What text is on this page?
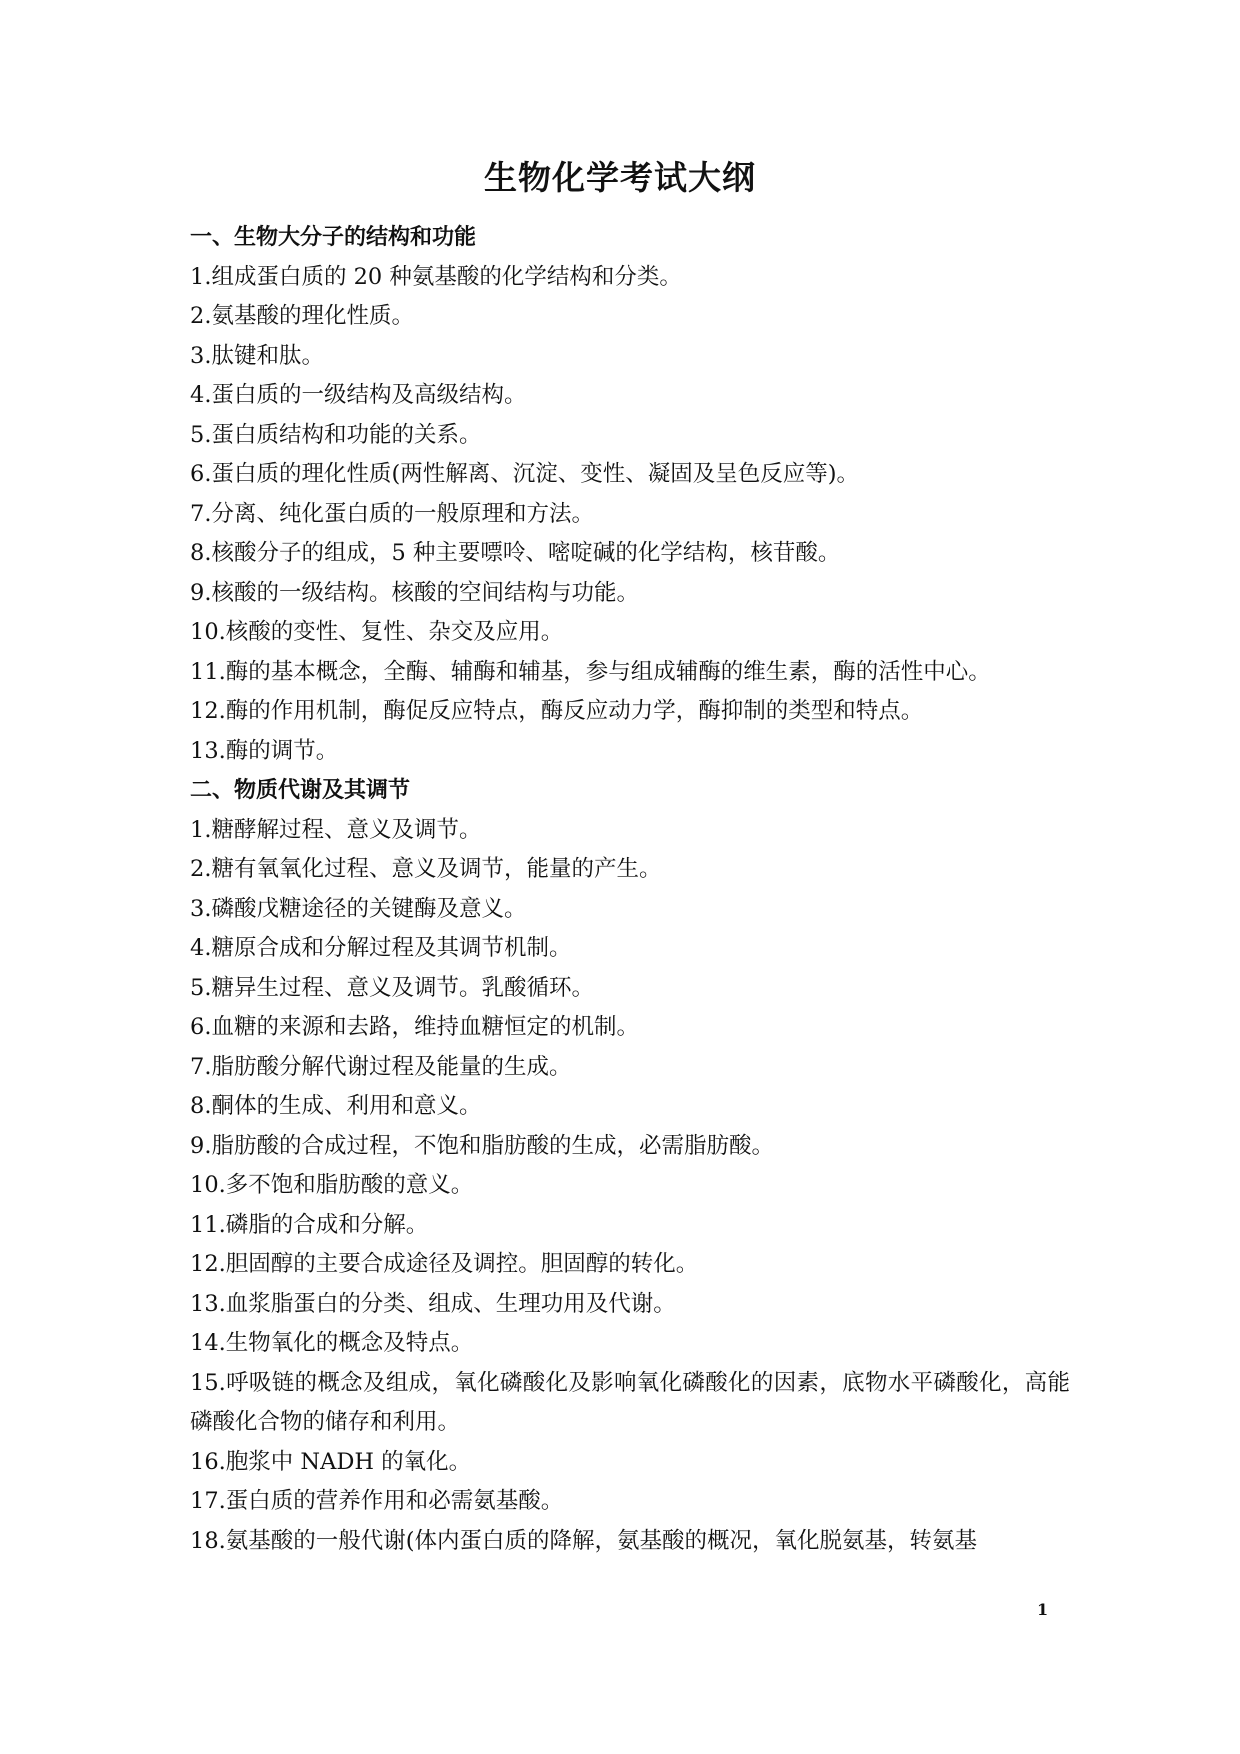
生物化学考试大纲
一、生物大分子的结构和功能
1.组成蛋白质的 20 种氨基酸的化学结构和分类。
2.氨基酸的理化性质。
3.肽键和肽。
4.蛋白质的一级结构及高级结构。
5.蛋白质结构和功能的关系。
6.蛋白质的理化性质(两性解离、沉淀、变性、凝固及呈色反应等)。
7.分离、纯化蛋白质的一般原理和方法。
8.核酸分子的组成，5 种主要嘌呤、嘧啶碱的化学结构，核苷酸。
9.核酸的一级结构。核酸的空间结构与功能。
10.核酸的变性、复性、杂交及应用。
11.酶的基本概念，全酶、辅酶和辅基，参与组成辅酶的维生素，酶的活性中心。
12.酶的作用机制，酶促反应特点，酶反应动力学，酶抑制的类型和特点。
13.酶的调节。
二、物质代谢及其调节
1.糖酵解过程、意义及调节。
2.糖有氧氧化过程、意义及调节，能量的产生。
3.磷酸戊糖途径的关键酶及意义。
4.糖原合成和分解过程及其调节机制。
5.糖异生过程、意义及调节。乳酸循环。
6.血糖的来源和去路，维持血糖恒定的机制。
7.脂肪酸分解代谢过程及能量的生成。
8.酮体的生成、利用和意义。
9.脂肪酸的合成过程，不饱和脂肪酸的生成，必需脂肪酸。
10.多不饱和脂肪酸的意义。
11.磷脂的合成和分解。
12.胆固醇的主要合成途径及调控。胆固醇的转化。
13.血浆脂蛋白的分类、组成、生理功用及代谢。
14.生物氧化的概念及特点。
15.呼吸链的概念及组成，氧化磷酸化及影响氧化磷酸化的因素，底物水平磷酸化，高能磷酸化合物的储存和利用。
16.胞浆中 NADH 的氧化。
17.蛋白质的营养作用和必需氨基酸。
18.氨基酸的一般代谢(体内蛋白质的降解，氨基酸的概况，氧化脱氨基，转氨基
1
